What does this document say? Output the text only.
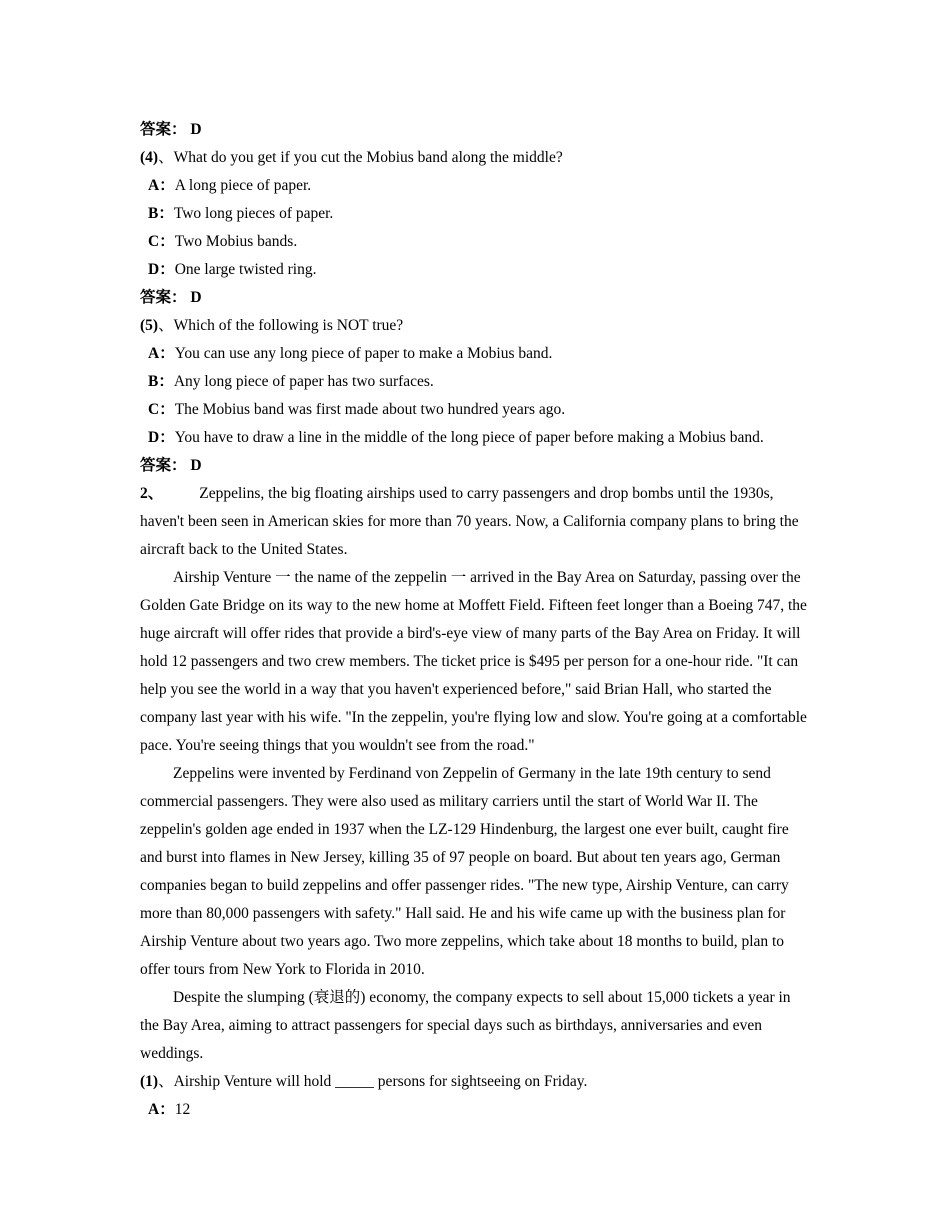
答案： D
(4)、What do you get if you cut the Mobius band along the middle?
A：A long piece of paper.
B：Two long pieces of paper.
C：Two Mobius bands.
D：One large twisted ring.
答案： D
(5)、Which of the following is NOT true?
A：You can use any long piece of paper to make a Mobius band.
B：Any long piece of paper has two surfaces.
C：The Mobius band was first made about two hundred years ago.
D：You have to draw a line in the middle of the long piece of paper before making a Mobius band.
答案： D
2、 Zeppelins, the big floating airships used to carry passengers and drop bombs until the 1930s, haven't been seen in American skies for more than 70 years. Now, a California company plans to bring the aircraft back to the United States.
Airship Venture 一 the name of the zeppelin 一 arrived in the Bay Area on Saturday, passing over the Golden Gate Bridge on its way to the new home at Moffett Field. Fifteen feet longer than a Boeing 747, the huge aircraft will offer rides that provide a bird's-eye view of many parts of the Bay Area on Friday. It will hold 12 passengers and two crew members. The ticket price is $495 per person for a one-hour ride. "It can help you see the world in a way that you haven't experienced before," said Brian Hall, who started the company last year with his wife. "In the zeppelin, you're flying low and slow. You're going at a comfortable pace. You're seeing things that you wouldn't see from the road."
Zeppelins were invented by Ferdinand von Zeppelin of Germany in the late 19th century to send commercial passengers. They were also used as military carriers until the start of World War II. The zeppelin's golden age ended in 1937 when the LZ-129 Hindenburg, the largest one ever built, caught fire and burst into flames in New Jersey, killing 35 of 97 people on board. But about ten years ago, German companies began to build zeppelins and offer passenger rides. "The new type, Airship Venture, can carry more than 80,000 passengers with safety." Hall said. He and his wife came up with the business plan for Airship Venture about two years ago. Two more zeppelins, which take about 18 months to build, plan to offer tours from New York to Florida in 2010.
Despite the slumping (衰退的) economy, the company expects to sell about 15,000 tickets a year in the Bay Area, aiming to attract passengers for special days such as birthdays, anniversaries and even weddings.
(1)、Airship Venture will hold _____ persons for sightseeing on Friday.
A：12
